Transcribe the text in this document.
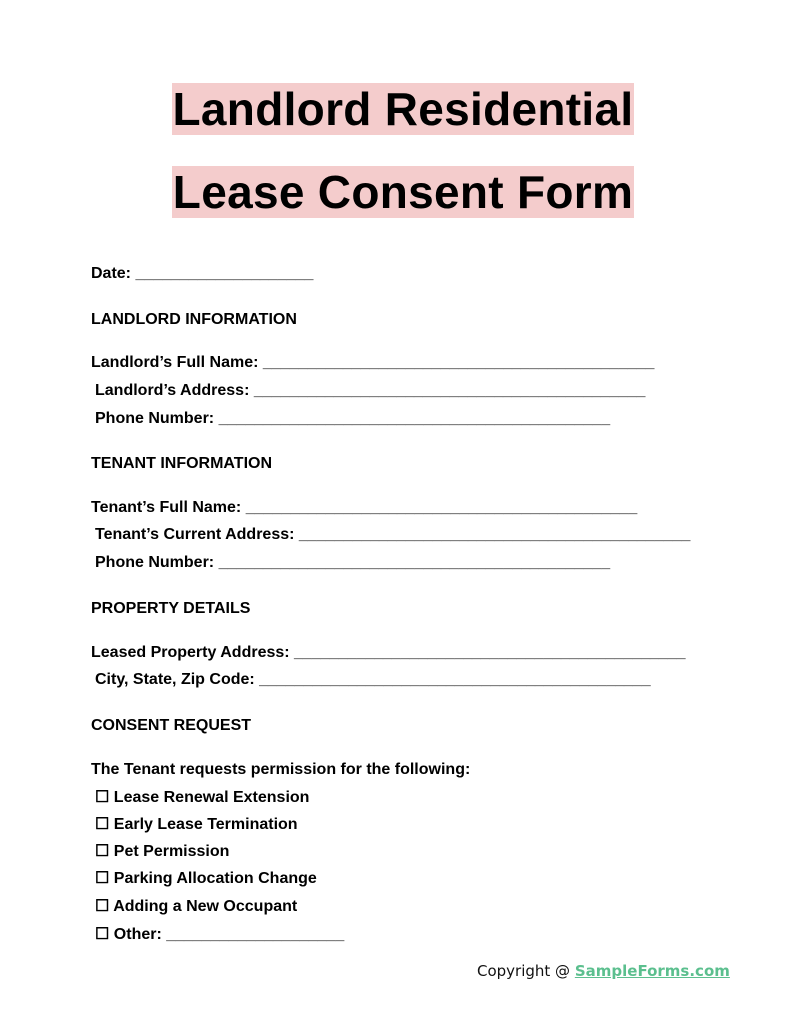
Landlord Residential
Lease Consent Form
Date: ____________________
LANDLORD INFORMATION
Landlord’s Full Name: ____________________________________________
Landlord’s Address: ____________________________________________
Phone Number: ____________________________________________
TENANT INFORMATION
Tenant’s Full Name: ____________________________________________
Tenant’s Current Address: ____________________________________________
Phone Number: ____________________________________________
PROPERTY DETAILS
Leased Property Address: ____________________________________________
City, State, Zip Code: ____________________________________________
CONSENT REQUEST
The Tenant requests permission for the following:
☐ Lease Renewal Extension
☐ Early Lease Termination
☐ Pet Permission
☐ Parking Allocation Change
☐ Adding a New Occupant
☐ Other: ____________________
Copyright @ SampleForms.com
